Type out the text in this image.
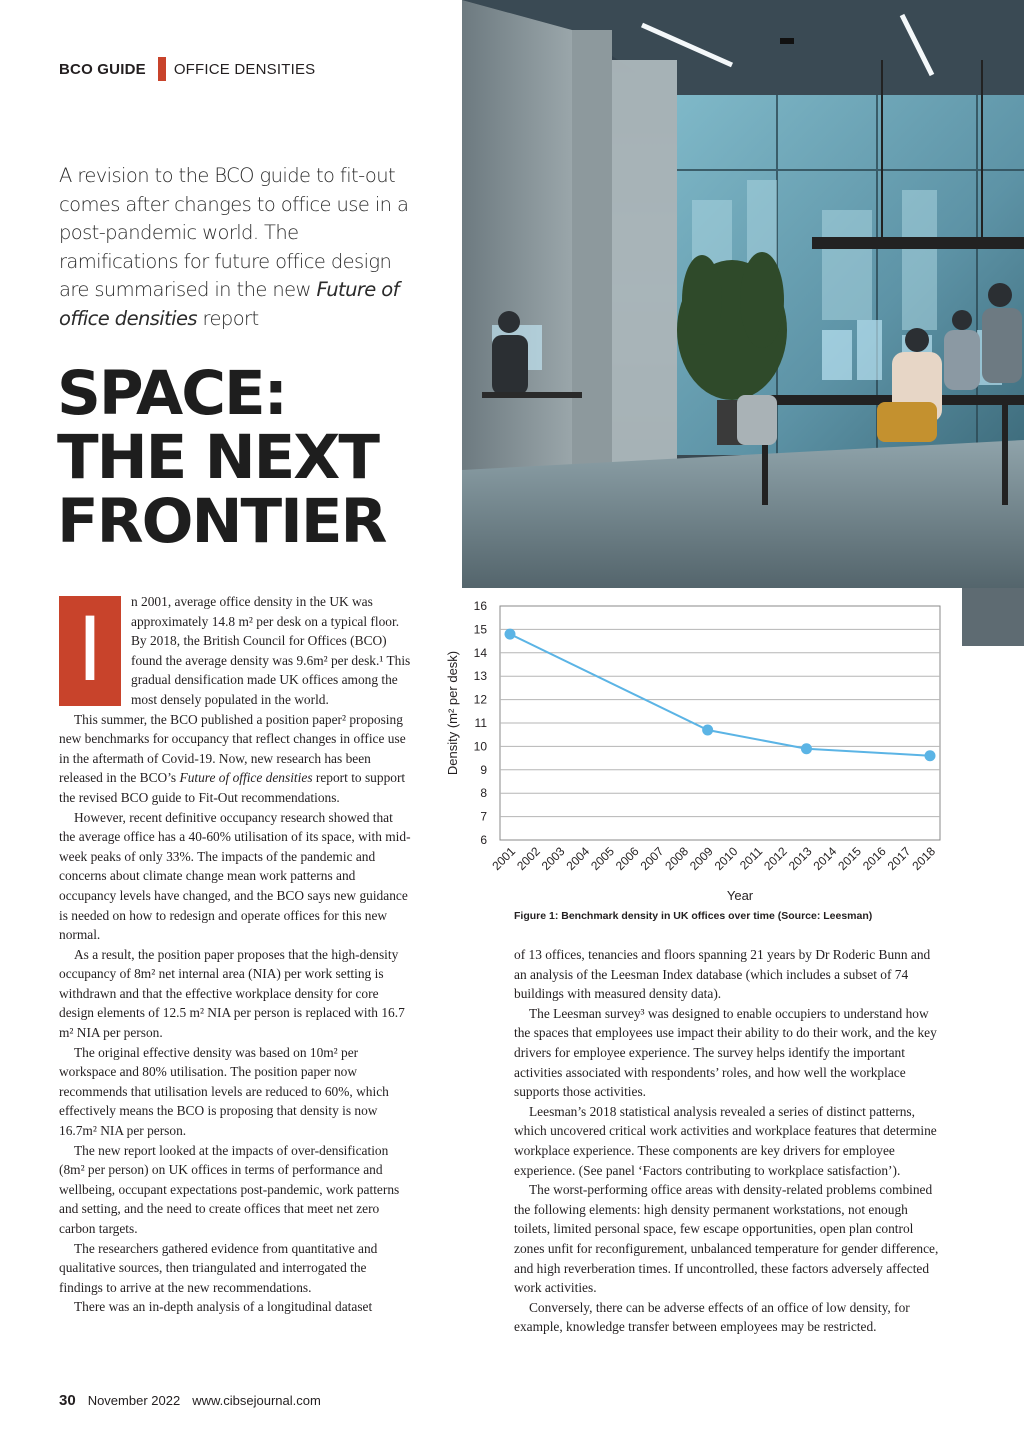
BCO GUIDE OFFICE DENSITIES
A revision to the BCO guide to fit-out comes after changes to office use in a post-pandemic world. The ramifications for future office design are summarised in the new Future of office densities report
SPACE:
THE NEXT
FRONTIER

I	n 2001, average office density in the UK was approximately 14.8 m² per desk on a typical floor. By 2018, the British Council for Offices (BCO) found the average density was 9.6m² per desk.¹ This gradual densification made UK offices among the most densely populated in the world.

This summer, the BCO published a position paper² proposing new benchmarks for occupancy that reflect changes in office use in the aftermath of Covid-19. Now, new research has been released in the BCO’s Future of office densities report to support the revised BCO guide to Fit-Out recommendations.

However, recent definitive occupancy research showed that the average office has a 40-60% utilisation of its space, with mid-week peaks of only 33%. The impacts of the pandemic and concerns about climate change mean work patterns and occupancy levels have changed, and the BCO says new guidance is needed on how to redesign and operate offices for this new normal.

As a result, the position paper proposes that the high-density occupancy of 8m² net internal area (NIA) per work setting is withdrawn and that the effective workplace density for core design elements of 12.5 m² NIA per person is replaced with 16.7 m² NIA per person.

The original effective density was based on 10m² per workspace and 80% utilisation. The position paper now recommends that utilisation levels are reduced to 60%, which effectively means the BCO is proposing that density is now 16.7m² NIA per person.

The new report looked at the impacts of over-densification (8m² per person) on UK offices in terms of performance and wellbeing, occupant expectations post-pandemic, work patterns and setting, and the need to create offices that meet net zero carbon targets.

The researchers gathered evidence from quantitative and qualitative sources, then triangulated and interrogated the findings to arrive at the new recommendations.

There was an in-depth analysis of a longitudinal dataset

6
7
8
9
10
11
12
13
14
15
16
2001
2002
2003
2004
2005
2006
2007
2008
2009
2010
2011
2012
2013
2014
2015
2016
2017
2018
Year
Density (m² per desk)
Figure 1: Benchmark density in UK offices over time (Source: Leesman)

of 13 offices, tenancies and floors spanning 21 years by Dr Roderic Bunn and an analysis of the Leesman Index database (which includes a subset of 74 buildings with measured density data).

The Leesman survey³ was designed to enable occupiers to understand how the spaces that employees use impact their ability to do their work, and the key drivers for employee experience. The survey helps identify the important activities associated with respondents’ roles, and how well the workplace supports those activities.

Leesman’s 2018 statistical analysis revealed a series of distinct patterns, which uncovered critical work activities and workplace features that determine workplace experience. These components are key drivers for employee experience. (See panel ‘Factors contributing to workplace satisfaction’).

The worst-performing office areas with density-related problems combined the following elements: high density permanent workstations, not enough toilets, limited personal space, few escape opportunities, open plan control zones unfit for reconfigurement, unbalanced temperature for gender difference, and high reverberation times. If uncontrolled, these factors adversely affected work activities.

Conversely, there can be adverse effects of an office of low density, for example, knowledge transfer between employees may be restricted.

30 November 2022 www.cibsejournal.com
